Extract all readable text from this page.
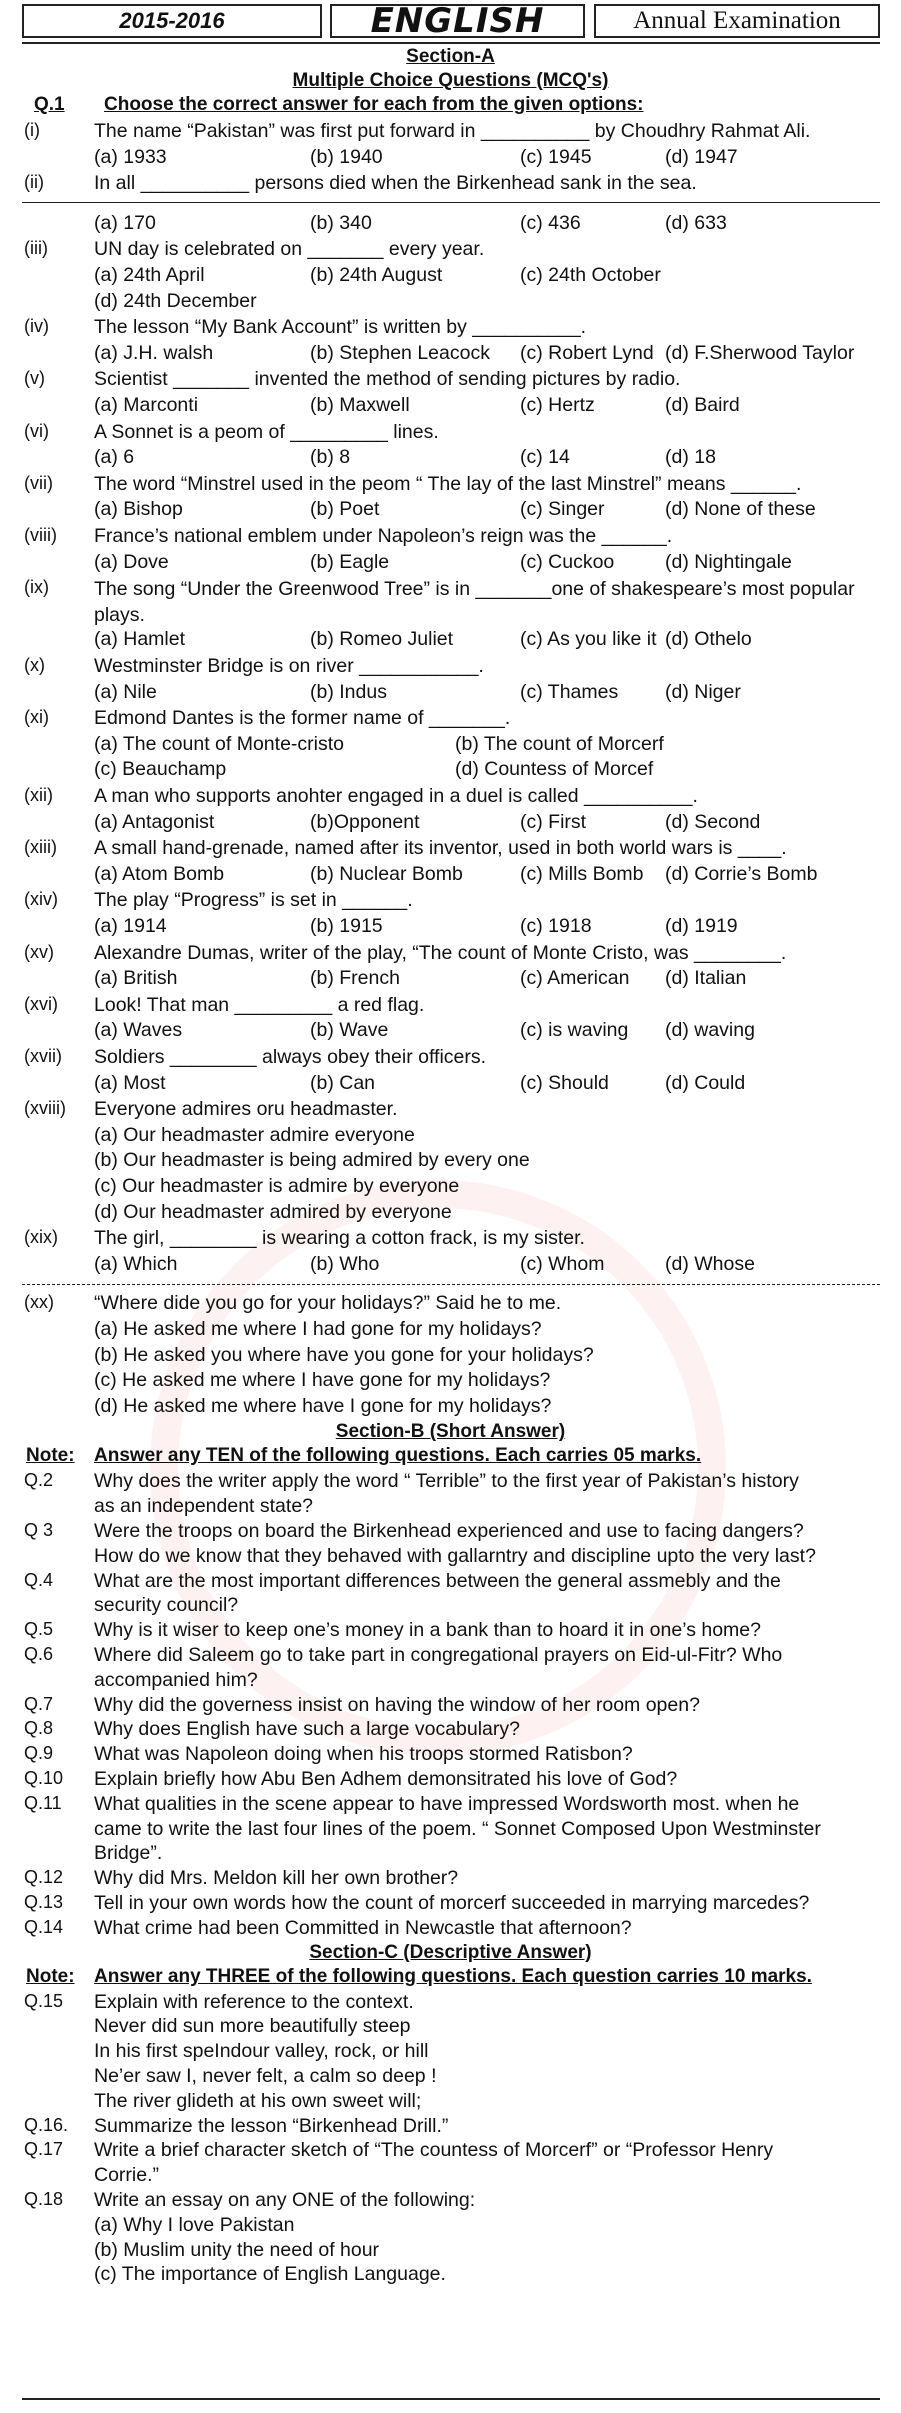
2015-2016	ENGLISH	Annual Examination
Section-A
Multiple Choice Questions (MCQ's)
Q.1	Choose the correct answer for each from the given options:
(i)	The name “Pakistan” was first put forward in __________ by Choudhry Rahmat Ali.
(a) 1933	(b) 1940	(c) 1945	(d) 1947
(ii)	In all __________ persons died when the Birkenhead sank in the sea.
(a) 170	(b) 340	(c) 436	(d) 633
(iii)	UN day is celebrated on _______ every year.
(a) 24th April	(b) 24th August	(c) 24th October
(d) 24th December
(iv)	The lesson “My Bank Account” is written by __________.
(a) J.H. walsh	(b) Stephen Leacock (c) Robert Lynd (d) F.Sherwood Taylor
(v)	Scientist _______ invented the method of sending pictures by radio.
(a) Marconti	(b) Maxwell	(c) Hertz	(d) Baird
(vi)	A Sonnet is a peom of _________ lines.
(a) 6	(b) 8	(c) 14	(d) 18
(vii)	The word “Minstrel used in the peom “ The lay of the last Minstrel” means ______.
(a) Bishop	(b) Poet	(c) Singer	(d) None of these
(viii)	France’s national emblem under Napoleon’s reign was the ______.
(a) Dove	(b) Eagle	(c) Cuckoo	(d) Nightingale
(ix)	The song “Under the Greenwood Tree” is in _______one of shakespeare’s most popular plays.
(a) Hamlet	(b) Romeo Juliet	(c) As you like it (d) Othelo
(x)	Westminster Bridge is on river ___________.
(a) Nile	(b) Indus	(c) Thames (d) Niger
(xi)	Edmond Dantes is the former name of _______.
(a) The count of Monte-cristo	(b) The count of Morcerf
(c) Beauchamp	(d) Countess of Morcef
(xii)	A man who supports anohter engaged in a duel is called __________.
(a) Antagonist	(b)Opponent	(c) First	(d) Second
(xiii)	A small hand-grenade, named after its inventor, used in both world wars is ____.
(a) Atom Bomb	(b) Nuclear Bomb	(c) Mills Bomb (d) Corrie’s Bomb
(xiv)	The play “Progress” is set in ______.
(a) 1914	(b) 1915	(c) 1918	(d) 1919
(xv)	Alexandre Dumas, writer of the play, “The count of Monte Cristo, was ________.
(a) British	(b) French	(c) American (d) Italian
(xvi)	Look! That man _________ a red flag.
(a) Waves	(b) Wave	(c) is waving (d) waving
(xvii)	Soldiers ________ always obey their officers.
(a) Most	(b) Can	(c) Should	(d) Could
(xviii)	Everyone admires oru headmaster.
(a) Our headmaster admire everyone
(b) Our headmaster is being admired by every one
(c) Our headmaster is admire by everyone
(d) Our headmaster admired by everyone
(xix)	The girl, ________ is wearing a cotton frack, is my sister.
(a) Which	(b) Who	(c) Whom	(d) Whose
(xx)	“Where dide you go for your holidays?” Said he to me.
(a) He asked me where I had gone for my holidays?
(b) He asked you where have you gone for your holidays?
(c) He asked me where I have gone for my holidays?
(d) He asked me where have I gone for my holidays?
Section-B (Short Answer)
Note:	Answer any TEN of the following questions. Each carries 05 marks.
Q.2	Why does the writer apply the word “ Terrible” to the first year of Pakistan’s history
as an independent state?
Q 3	Were the troops on board the Birkenhead experienced and use to facing dangers?
How do we know that they behaved with gallarntry and discipline upto the very last?
Q.4	What are the most important differences between the general assmebly and the
security council?
Q.5	Why is it wiser to keep one’s money in a bank than to hoard it in one’s home?
Q.6	Where did Saleem go to take part in congregational prayers on Eid-ul-Fitr? Who
accompanied him?
Q.7	Why did the governess insist on having the window of her room open?
Q.8	Why does English have such a large vocabulary?
Q.9	What was Napoleon doing when his troops stormed Ratisbon?
Q.10	Explain briefly how Abu Ben Adhem demonsitrated his love of God?
Q.11	What qualities in the scene appear to have impressed Wordsworth most. when he
came to write the last four lines of the poem. “ Sonnet Composed Upon Westminster
Bridge”.
Q.12	Why did Mrs. Meldon kill her own brother?
Q.13	Tell in your own words how the count of morcerf succeeded in marrying marcedes?
Q.14	What crime had been Committed in Newcastle that afternoon?
Section-C (Descriptive Answer)
Note:	Answer any THREE of the following questions. Each question carries 10 marks.
Q.15	Explain with reference to the context.
Never did sun more beautifully steep
In his first speIndour valley, rock, or hill
Ne’er saw I, never felt, a calm so deep !
The river glideth at his own sweet will;
Q.16.	Summarize the lesson “Birkenhead Drill.”
Q.17	Write a brief character sketch of “The countess of Morcerf” or “Professor Henry
Corrie.”
Q.18	Write an essay on any ONE of the following:
(a) Why I love Pakistan
(b) Muslim unity the need of hour
(c) The importance of English Language.
